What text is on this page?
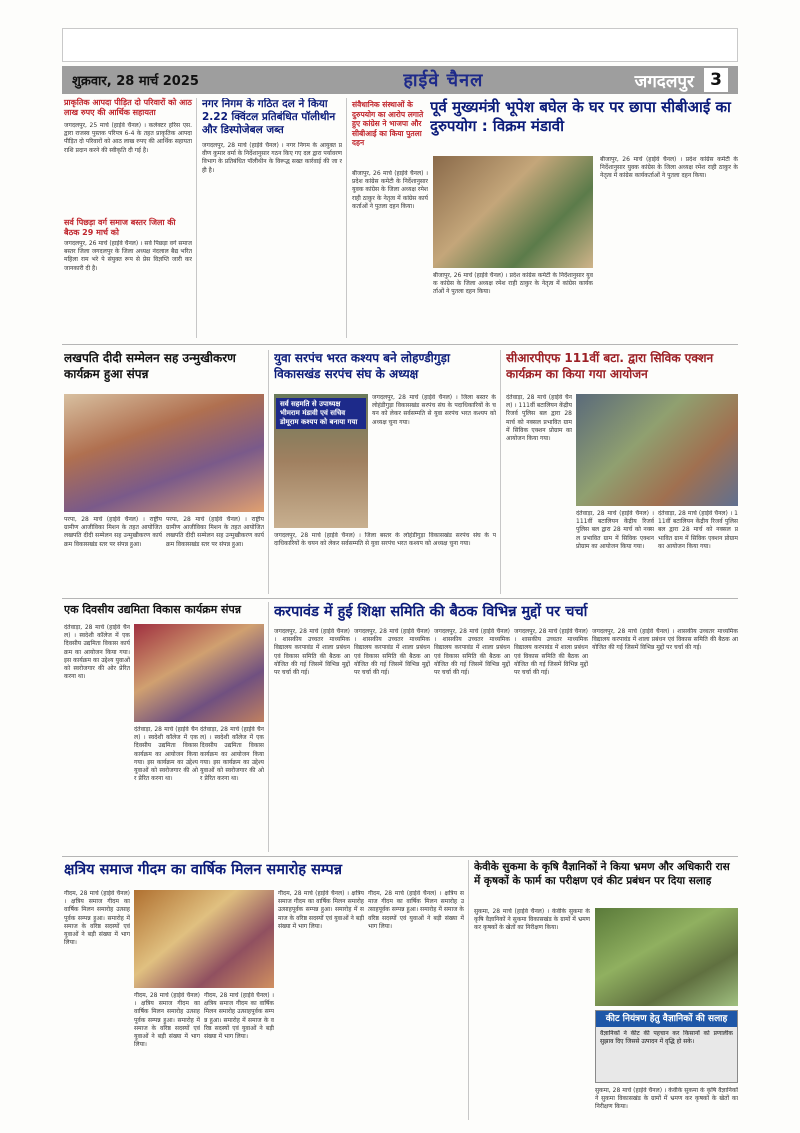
शुक्रवार, 28 मार्च 2025	हाईवे चैनल	जगदलपुर 3
प्राकृतिक आपदा पीड़ित दो परिवारों को आठ लाख रुपए की आर्थिक सहायता
जगदलपुर, 25 मार्च (हाईवे चैनल) । कलेक्टर हरिस एस. द्वारा राजस्व पुस्तक परिपत्र 6-4 के तहत प्राकृतिक आपदा पीड़ित दो परिवारों को आठ लाख रुपए की आर्थिक सहायता राशि प्रदान करने की स्वीकृति दी गई है।
सर्व पिछड़ा वर्ग समाज बस्तर जिला की बैठक 29 मार्च को
जगदलपुर, 26 मार्च (हाईवे चैनल) । सर्व पिछड़ा वर्ग समाज बस्तर जिला जगदलपुर के जिला अध्यक्ष नंदलाल बैद्य भरित महिला राम भरे पे संयुक्त रूप से प्रेस विज्ञप्ति जारी कर जानकारी दी है।
नगर निगम के गठित दल ने किया 2.22 क्विंटल प्रतिबंधित पॉलीथीन और डिस्पोजेबल जब्त
जगदलपुर, 28 मार्च (हाईवे चैनल) । नगर निगम के आयुक्त प्रवीण कुमार वर्मा के निर्देशानुसार गठन किए गए दल द्वारा पर्यावरण विभाग के प्रतिबंधित पॉलीथीन के विरूद्ध सख्त कार्रवाई की जा रही है।
संवैधानिक संस्थाओं के दुरुपयोग का आरोप लगाते हुए कांग्रेस ने भाजपा और सीबीआई का किया पुतला दहन
पूर्व मुख्यमंत्री भूपेश बघेल के घर पर छापा सीबीआई का दुरुपयोग : विक्रम मंडावी
बीजापुर, 26 मार्च (हाईवे चैनल) । प्रदेश कांग्रेस कमेटी के निर्देशानुसार युवक कांग्रेस के जिला अध्यक्ष रमेश राही ठाकुर के नेतृत्व में कांग्रेस कार्यकर्ताओं ने पुतला दहन किया।
बीजापुर, 26 मार्च (हाईवे चैनल) । प्रदेश कांग्रेस कमेटी के निर्देशानुसार युवक कांग्रेस के जिला अध्यक्ष रमेश राही ठाकुर के नेतृत्व में कांग्रेस कार्यकर्ताओं ने पुतला दहन किया।
बीजापुर, 26 मार्च (हाईवे चैनल) । प्रदेश कांग्रेस कमेटी के निर्देशानुसार युवक कांग्रेस के जिला अध्यक्ष रमेश राही ठाकुर के नेतृत्व में कांग्रेस कार्यकर्ताओं ने पुतला दहन किया।
लखपति दीदी सम्मेलन सह उन्मुखीकरण कार्यक्रम हुआ संपन्न
परपा, 28 मार्च (हाईवे चैनल) । राष्ट्रीय ग्रामीण आजीविका मिशन के तहत आयोजित लखपति दीदी सम्मेलन सह उन्मुखीकरण कार्यक्रम विकासखंड स्तर पर संपन्न हुआ।
परपा, 28 मार्च (हाईवे चैनल) । राष्ट्रीय ग्रामीण आजीविका मिशन के तहत आयोजित लखपति दीदी सम्मेलन सह उन्मुखीकरण कार्यक्रम विकासखंड स्तर पर संपन्न हुआ।
युवा सरपंच भरत कश्यप बने लोहण्डीगुड़ा विकासखंड सरपंच संघ के अध्यक्ष
सर्व सहमति से उपाध्यक्ष भीमराम मंडावी एवं सचिव डोमूराम कश्यप को बनाया गया
जगदलपुर, 28 मार्च (हाईवे चैनल) । जिला बस्तर के लोहंडीगुड़ा विकासखंड सरपंच संघ के पदाधिकारियों के चयन को लेकर सर्वसम्मति से युवा सरपंच भरत कश्यप को अध्यक्ष चुना गया।
जगदलपुर, 28 मार्च (हाईवे चैनल) । जिला बस्तर के लोहंडीगुड़ा विकासखंड सरपंच संघ के पदाधिकारियों के चयन को लेकर सर्वसम्मति से युवा सरपंच भरत कश्यप को अध्यक्ष चुना गया।
सीआरपीएफ 111वीं बटा. द्वारा सिविक एक्शन कार्यक्रम का किया गया आयोजन
दंतेवाड़ा, 28 मार्च (हाईवे चैनल) । 111वीं बटालियन केंद्रीय रिजर्व पुलिस बल द्वारा 28 मार्च को नक्सल प्रभावित ग्राम में सिविक एक्शन प्रोग्राम का आयोजन किया गया।
दंतेवाड़ा, 28 मार्च (हाईवे चैनल) । 111वीं बटालियन केंद्रीय रिजर्व पुलिस बल द्वारा 28 मार्च को नक्सल प्रभावित ग्राम में सिविक एक्शन प्रोग्राम का आयोजन किया गया।
दंतेवाड़ा, 28 मार्च (हाईवे चैनल) । 111वीं बटालियन केंद्रीय रिजर्व पुलिस बल द्वारा 28 मार्च को नक्सल प्रभावित ग्राम में सिविक एक्शन प्रोग्राम का आयोजन किया गया।
एक दिवसीय उद्यमिता विकास कार्यक्रम संपन्न
दंतेवाड़ा, 28 मार्च (हाईवे चैनल) । स्वदेशी कॉलेज में एक दिवसीय उद्यमिता विकास कार्यक्रम का आयोजन किया गया। इस कार्यक्रम का उद्देश्य युवाओं को स्वरोजगार की ओर प्रेरित करना था।
दंतेवाड़ा, 28 मार्च (हाईवे चैनल) । स्वदेशी कॉलेज में एक दिवसीय उद्यमिता विकास कार्यक्रम का आयोजन किया गया। इस कार्यक्रम का उद्देश्य युवाओं को स्वरोजगार की ओर प्रेरित करना था।
दंतेवाड़ा, 28 मार्च (हाईवे चैनल) । स्वदेशी कॉलेज में एक दिवसीय उद्यमिता विकास कार्यक्रम का आयोजन किया गया। इस कार्यक्रम का उद्देश्य युवाओं को स्वरोजगार की ओर प्रेरित करना था।
करपावंड में हुई शिक्षा समिति की बैठक विभिन्न मुद्दों पर चर्चा
जगदलपुर, 28 मार्च (हाईवे चैनल) । शासकीय उच्चतर माध्यमिक विद्यालय करपावंड में शाला प्रबंधन एवं विकास समिति की बैठक आयोजित की गई जिसमें विभिन्न मुद्दों पर चर्चा की गई।
जगदलपुर, 28 मार्च (हाईवे चैनल) । शासकीय उच्चतर माध्यमिक विद्यालय करपावंड में शाला प्रबंधन एवं विकास समिति की बैठक आयोजित की गई जिसमें विभिन्न मुद्दों पर चर्चा की गई।
जगदलपुर, 28 मार्च (हाईवे चैनल) । शासकीय उच्चतर माध्यमिक विद्यालय करपावंड में शाला प्रबंधन एवं विकास समिति की बैठक आयोजित की गई जिसमें विभिन्न मुद्दों पर चर्चा की गई।
जगदलपुर, 28 मार्च (हाईवे चैनल) । शासकीय उच्चतर माध्यमिक विद्यालय करपावंड में शाला प्रबंधन एवं विकास समिति की बैठक आयोजित की गई जिसमें विभिन्न मुद्दों पर चर्चा की गई।
जगदलपुर, 28 मार्च (हाईवे चैनल) । शासकीय उच्चतर माध्यमिक विद्यालय करपावंड में शाला प्रबंधन एवं विकास समिति की बैठक आयोजित की गई जिसमें विभिन्न मुद्दों पर चर्चा की गई।
क्षत्रिय समाज गीदम का वार्षिक मिलन समारोह सम्पन्न
गीदम, 28 मार्च (हाईवे चैनल) । क्षत्रिय समाज गीदम का वार्षिक मिलन समारोह उत्साहपूर्वक सम्पन्न हुआ। समारोह में समाज के वरिष्ठ सदस्यों एवं युवाओं ने बड़ी संख्या में भाग लिया।
गीदम, 28 मार्च (हाईवे चैनल) । क्षत्रिय समाज गीदम का वार्षिक मिलन समारोह उत्साहपूर्वक सम्पन्न हुआ। समारोह में समाज के वरिष्ठ सदस्यों एवं युवाओं ने बड़ी संख्या में भाग लिया।
गीदम, 28 मार्च (हाईवे चैनल) । क्षत्रिय समाज गीदम का वार्षिक मिलन समारोह उत्साहपूर्वक सम्पन्न हुआ। समारोह में समाज के वरिष्ठ सदस्यों एवं युवाओं ने बड़ी संख्या में भाग लिया।
गीदम, 28 मार्च (हाईवे चैनल) । क्षत्रिय समाज गीदम का वार्षिक मिलन समारोह उत्साहपूर्वक सम्पन्न हुआ। समारोह में समाज के वरिष्ठ सदस्यों एवं युवाओं ने बड़ी संख्या में भाग लिया।
गीदम, 28 मार्च (हाईवे चैनल) । क्षत्रिय समाज गीदम का वार्षिक मिलन समारोह उत्साहपूर्वक सम्पन्न हुआ। समारोह में समाज के वरिष्ठ सदस्यों एवं युवाओं ने बड़ी संख्या में भाग लिया।
केवीके सुकमा के कृषि वैज्ञानिकों ने किया भ्रमण और अधिकारी रास में कृषकों के फार्म का परीक्षण एवं कीट प्रबंधन पर दिया सलाह
सुकमा, 28 मार्च (हाईवे चैनल) । केवीके सुकमा के कृषि वैज्ञानिकों ने सुकमा विकासखंड के ग्रामों में भ्रमण कर कृषकों के खेतों का निरीक्षण किया।
कीट नियंत्रण हेतु वैज्ञानिकों की सलाह
वैज्ञानिकों ने कीट की पहचान कर किसानों को प्रणालीक सुझाव दिए जिससे उत्पादन में वृद्धि हो सके।
सुकमा, 28 मार्च (हाईवे चैनल) । केवीके सुकमा के कृषि वैज्ञानिकों ने सुकमा विकासखंड के ग्रामों में भ्रमण कर कृषकों के खेतों का निरीक्षण किया।
